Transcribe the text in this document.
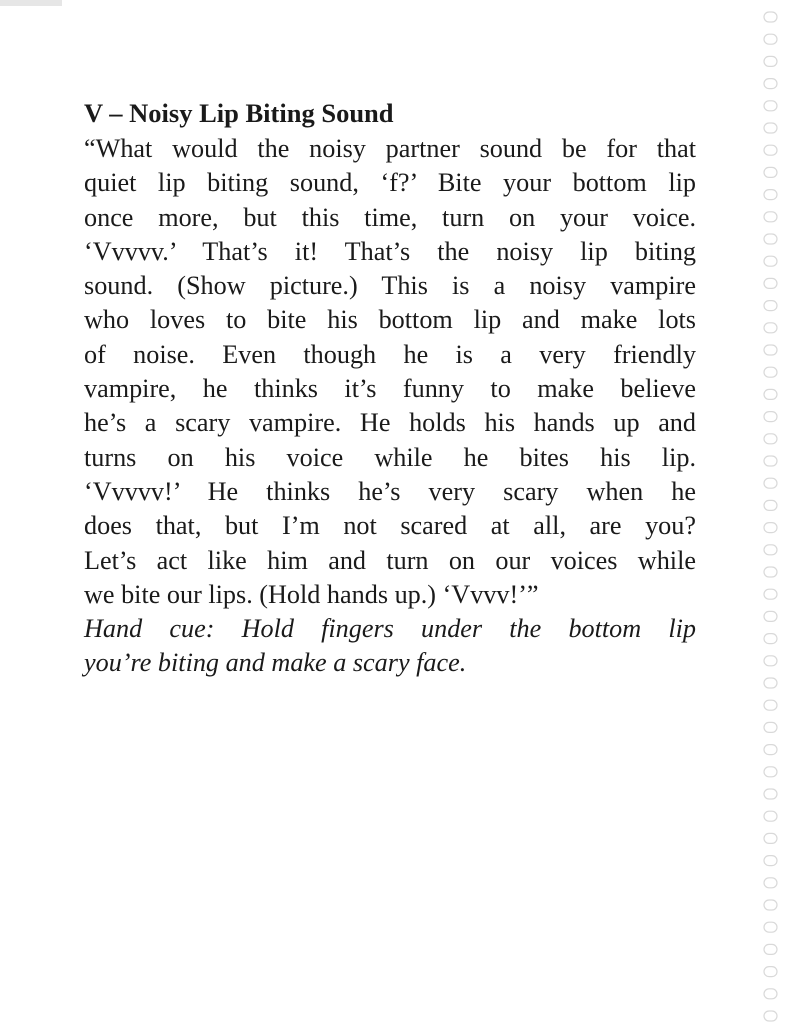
V – Noisy Lip Biting Sound

“What would the noisy partner sound be for that
quiet lip biting sound, ‘f?’ Bite your bottom lip
once more, but this time, turn on your voice.
‘Vvvvv.’ That’s it! That’s the noisy lip biting
sound. (Show picture.) This is a noisy vampire
who loves to bite his bottom lip and make lots
of noise. Even though he is a very friendly
vampire, he thinks it’s funny to make believe
he’s a scary vampire. He holds his hands up and
turns on his voice while he bites his lip.
‘Vvvvv!’ He thinks he’s very scary when he
does that, but I’m not scared at all, are you?
Let’s act like him and turn on our voices while
we bite our lips. (Hold hands up.) ‘Vvvv!’”

Hand cue: Hold fingers under the bottom lip
you’re biting and make a scary face.
